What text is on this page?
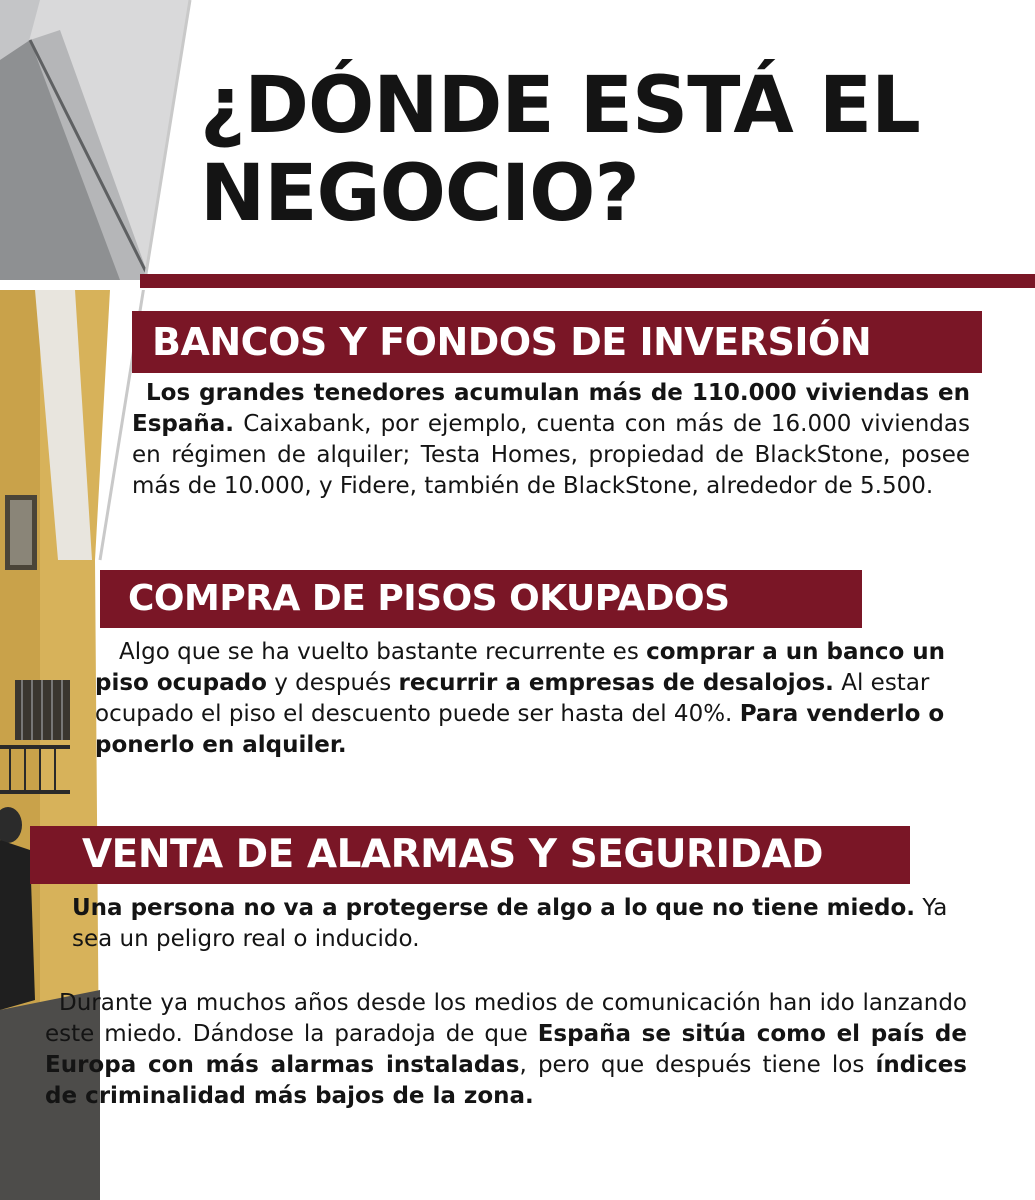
¿DÓNDE ESTÁ EL
NEGOCIO?
BANCOS Y FONDOS DE INVERSIÓN

Los grandes tenedores acumulan más de 110.000 viviendas en España. Caixabank, por ejemplo, cuenta con más de 16.000 viviendas en régimen de alquiler; Testa Homes, propiedad de BlackStone, posee más de 10.000, y Fidere, también de BlackStone, alrededor de 5.500.

COMPRA DE PISOS OKUPADOS

Algo que se ha vuelto bastante recurrente es comprar a un banco un piso ocupado y después recurrir a empresas de desalojos. Al estar ocupado el piso el descuento puede ser hasta del 40%. Para venderlo o ponerlo en alquiler.

VENTA DE ALARMAS Y SEGURIDAD

Una persona no va a protegerse de algo a lo que no tiene miedo. Ya sea un peligro real o inducido.

Durante ya muchos años desde los medios de comunicación han ido lanzando este miedo. Dándose la paradoja de que España se sitúa como el país de Europa con más alarmas instaladas, pero que después tiene los índices de criminalidad más bajos de la zona.
